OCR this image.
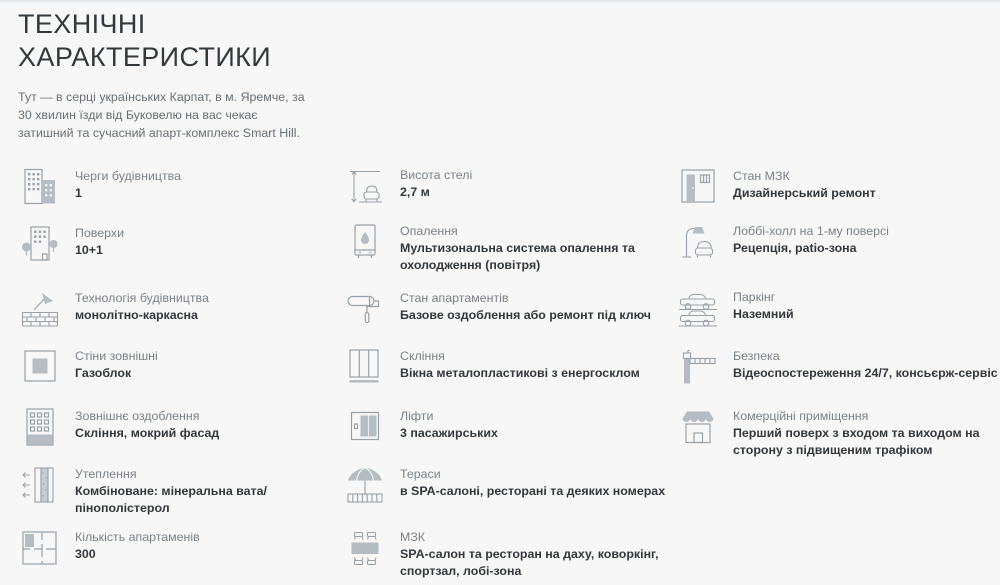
ТЕХНІЧНІ
ХАРАКТЕРИСТИКИ

Тут — в серці українських Карпат, в м. Яремче, за 30 хвилин їзди від Буковелю на вас чекає затишний та сучасний апарт-комплекс Smart Hill.

Черги будівництва
1
Поверхи
10+1
Технологія будівництва
монолітно-каркасна
Стіни зовнішні
Газоблок
Зовнішнє оздоблення
Скління, мокрий фасад
Утеплення
Комбіноване: мінеральна вата/пінополістерол
Кількість апартаменів
300
Висота стелі
2,7 м
Опалення
Мультизональна система опалення та охолодження (повітря)
Стан апартаментів
Базове оздоблення або ремонт під ключ
Скління
Вікна металопластикові з енергосклом
Ліфти
3 пасажирських
Тераси
в SPA-салоні, ресторані та деяких номерах
МЗК
SPA-салон та ресторан на даху, коворкінг, спортзал, лобі-зона
Стан МЗК
Дизайнерський ремонт
Лоббі-холл на 1-му поверсі
Рецепція, patio-зона
Паркінг
Наземний
Безпека
Відеоспостереження 24/7, консьєрж-сервіс
Комерційні приміщення
Перший поверх з входом та виходом на сторону з підвищеним трафіком
